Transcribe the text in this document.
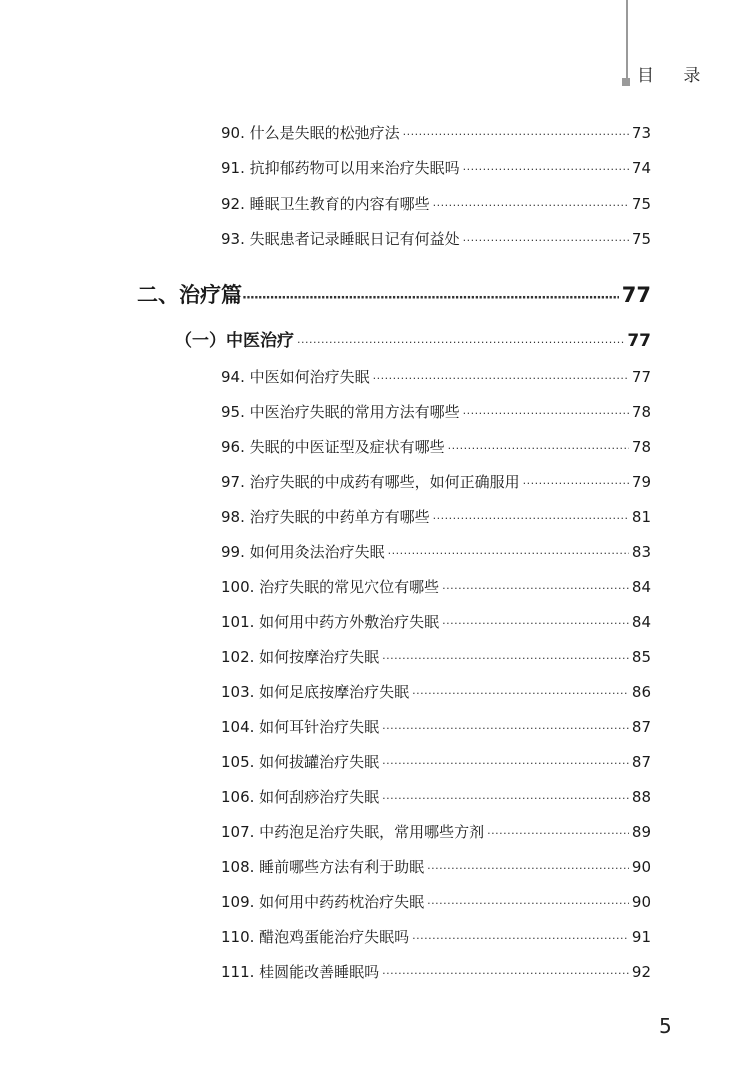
目 录
90. 什么是失眠的松弛疗法 ·····	73
91. 抗抑郁药物可以用来治疗失眠吗 ·····	74
92. 睡眠卫生教育的内容有哪些 ·····	75
93. 失眠患者记录睡眠日记有何益处 ·····	75
二、治疗篇 ·····	77
（一）中医治疗 ·····	77
94. 中医如何治疗失眠 ·····	77
95. 中医治疗失眠的常用方法有哪些 ·····	78
96. 失眠的中医证型及症状有哪些 ·····	78
97. 治疗失眠的中成药有哪些，如何正确服用 ·····	79
98. 治疗失眠的中药单方有哪些 ·····	81
99. 如何用灸法治疗失眠 ·····	83
100. 治疗失眠的常见穴位有哪些 ·····	84
101. 如何用中药方外敷治疗失眠 ·····	84
102. 如何按摩治疗失眠 ·····	85
103. 如何足底按摩治疗失眠 ·····	86
104. 如何耳针治疗失眠 ·····	87
105. 如何拔罐治疗失眠 ·····	87
106. 如何刮痧治疗失眠 ·····	88
107. 中药泡足治疗失眠，常用哪些方剂 ·····	89
108. 睡前哪些方法有利于助眠 ·····	90
109. 如何用中药药枕治疗失眠 ·····	90
110. 醋泡鸡蛋能治疗失眠吗 ·····	91
111. 桂圆能改善睡眠吗 ·····	92
5
